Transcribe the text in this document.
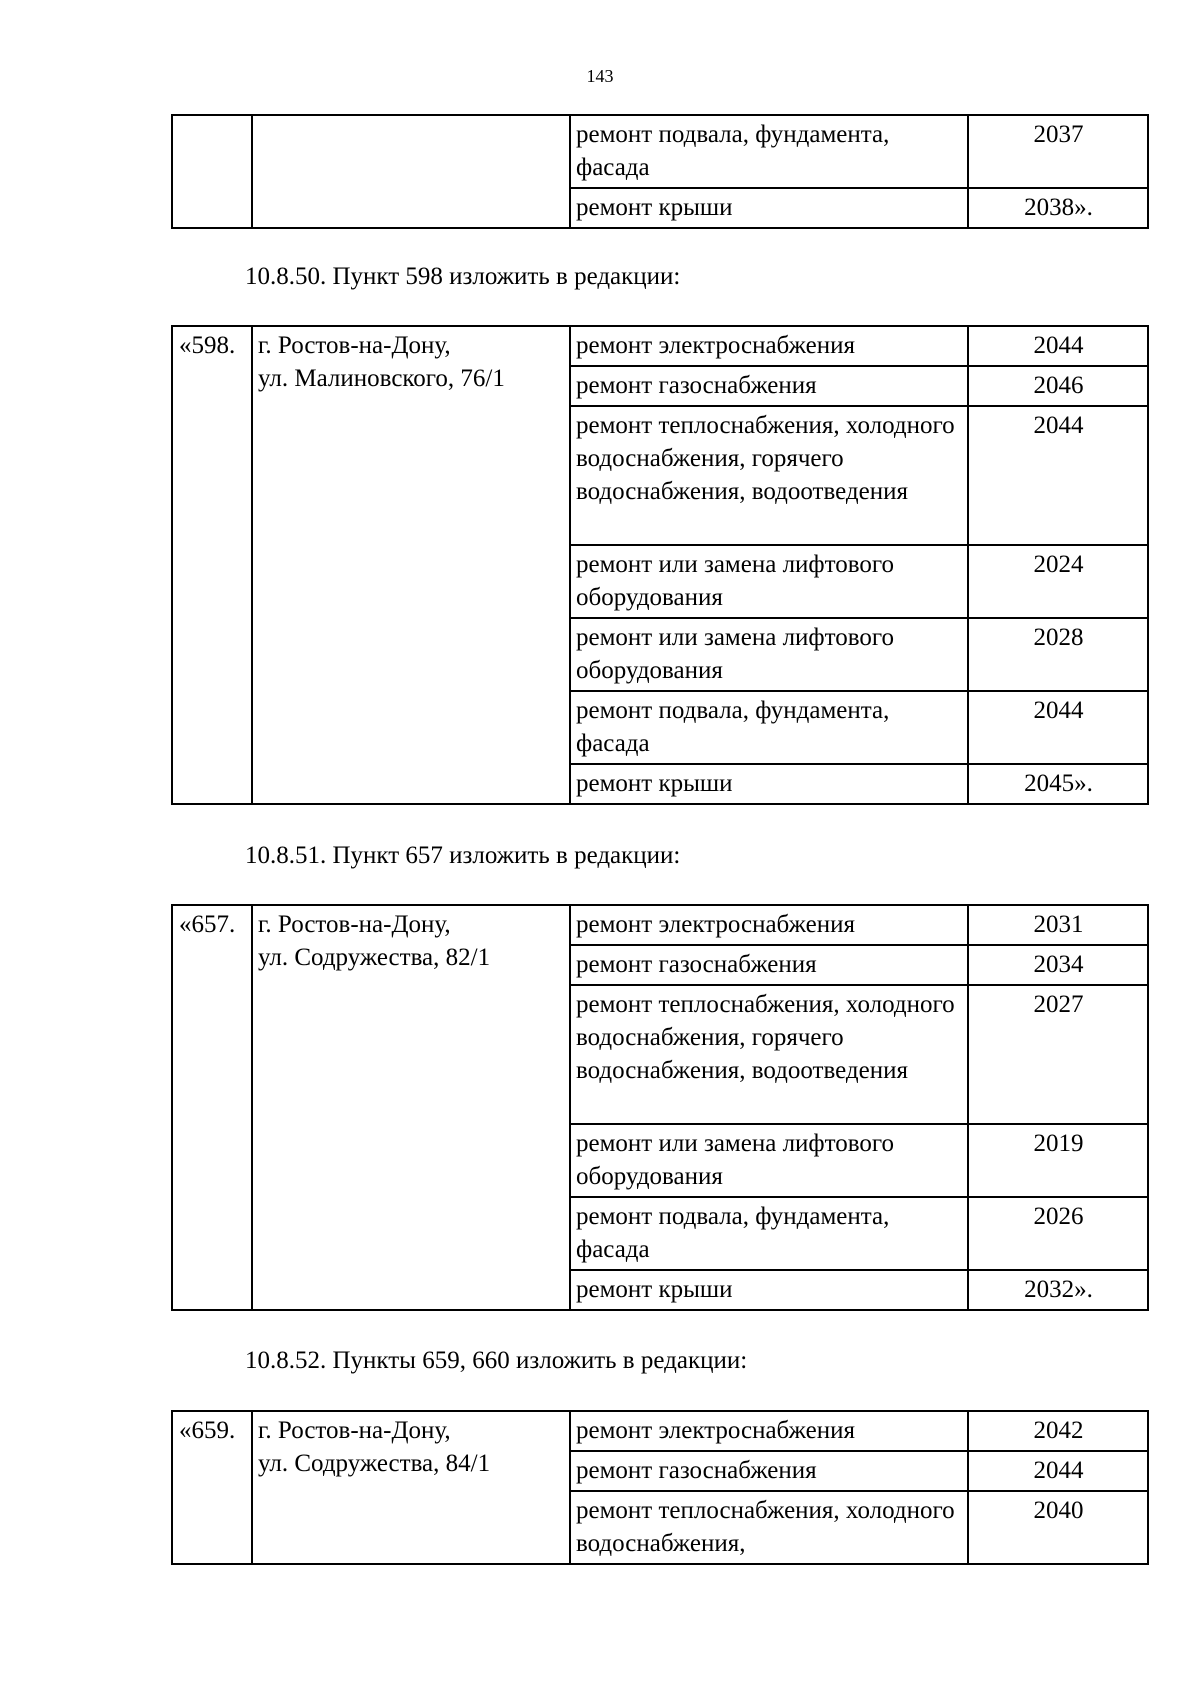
143
		ремонт подвала, фундамента, фасада	2037
		ремонт крыши	2038».
10.8.50. Пункт 598 изложить в редакции:
«598.	г. Ростов-на-Дону,
ул. Малиновского, 76/1	ремонт электроснабжения	2044
		ремонт газоснабжения	2046
		ремонт теплоснабжения, холодного водоснабжения, горячего водоснабжения, водоотведения	2044
		ремонт или замена лифтового оборудования	2024
		ремонт или замена лифтового оборудования	2028
		ремонт подвала, фундамента, фасада	2044
		ремонт крыши	2045».
10.8.51. Пункт 657 изложить в редакции:
«657.	г. Ростов-на-Дону,
ул. Содружества, 82/1	ремонт электроснабжения	2031
		ремонт газоснабжения	2034
		ремонт теплоснабжения, холодного водоснабжения, горячего водоснабжения, водоотведения	2027
		ремонт или замена лифтового оборудования	2019
		ремонт подвала, фундамента, фасада	2026
		ремонт крыши	2032».
10.8.52. Пункты 659, 660 изложить в редакции:
«659.	г. Ростов-на-Дону,
ул. Содружества, 84/1	ремонт электроснабжения	2042
		ремонт газоснабжения	2044
		ремонт теплоснабжения, холодного водоснабжения,	2040
